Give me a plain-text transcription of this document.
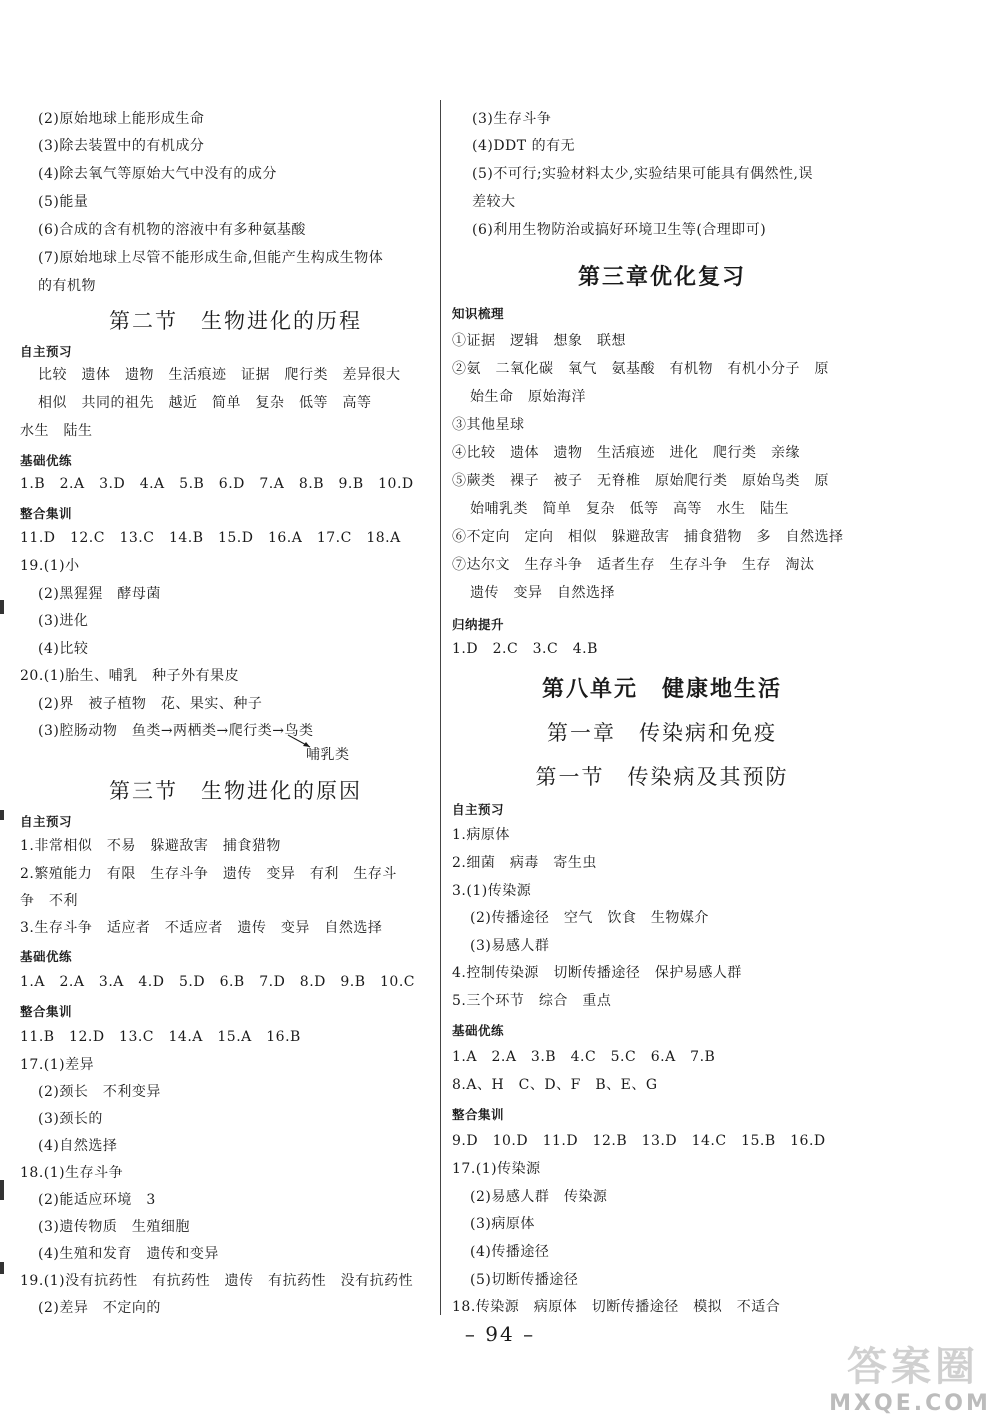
(2)原始地球上能形成生命
(3)除去装置中的有机成分
(4)除去氧气等原始大气中没有的成分
(5)能量
(6)合成的含有机物的溶液中有多种氨基酸
(7)原始地球上尽管不能形成生命,但能产生构成生物体
的有机物
第二节　生物进化的历程
自主预习
比较　遗体　遗物　生活痕迹　证据　爬行类　差异很大
相似　共同的祖先　越近　简单　复杂　低等　高等
水生　陆生
基础优练
1.B　2.A　3.D　4.A　5.B　6.D　7.A　8.B　9.B　10.D
整合集训
11.D　12.C　13.C　14.B　15.D　16.A　17.C　18.A
19.(1)小
(2)黑猩猩　酵母菌
(3)进化
(4)比较
20.(1)胎生、哺乳　种子外有果皮
(2)界　被子植物　花、果实、种子
(3)腔肠动物　鱼类→两栖类→爬行类→鸟类
哺乳类
第三节　生物进化的原因
自主预习
1.非常相似　不易　躲避敌害　捕食猎物
2.繁殖能力　有限　生存斗争　遗传　变异　有利　生存斗
争　不利
3.生存斗争　适应者　不适应者　遗传　变异　自然选择
基础优练
1.A　2.A　3.A　4.D　5.D　6.B　7.D　8.D　9.B　10.C
整合集训
11.B　12.D　13.C　14.A　15.A　16.B
17.(1)差异
(2)颈长　不利变异
(3)颈长的
(4)自然选择
18.(1)生存斗争
(2)能适应环境　3
(3)遗传物质　生殖细胞
(4)生殖和发育　遗传和变异
19.(1)没有抗药性　有抗药性　遗传　有抗药性　没有抗药性
(2)差异　不定向的
(3)生存斗争
(4)DDT 的有无
(5)不可行;实验材料太少,实验结果可能具有偶然性,误
差较大
(6)利用生物防治或搞好环境卫生等(合理即可)
第三章优化复习
知识梳理
①证据　逻辑　想象　联想
②氨　二氧化碳　氧气　氨基酸　有机物　有机小分子　原
始生命　原始海洋
③其他星球
④比较　遗体　遗物　生活痕迹　进化　爬行类　亲缘
⑤蕨类　裸子　被子　无脊椎　原始爬行类　原始鸟类　原
始哺乳类　简单　复杂　低等　高等　水生　陆生
⑥不定向　定向　相似　躲避敌害　捕食猎物　多　自然选择
⑦达尔文　生存斗争　适者生存　生存斗争　生存　淘汰
遗传　变异　自然选择
归纳提升
1.D　2.C　3.C　4.B
第八单元　健康地生活
第一章　传染病和免疫
第一节　传染病及其预防
自主预习
1.病原体
2.细菌　病毒　寄生虫
3.(1)传染源
(2)传播途径　空气　饮食　生物媒介
(3)易感人群
4.控制传染源　切断传播途径　保护易感人群
5.三个环节　综合　重点
基础优练
1.A　2.A　3.B　4.C　5.C　6.A　7.B
8.A、H　C、D、F　B、E、G
整合集训
9.D　10.D　11.D　12.B　13.D　14.C　15.B　16.D
17.(1)传染源
(2)易感人群　传染源
(3)病原体
(4)传播途径
(5)切断传播途径
18.传染源　病原体　切断传播途径　模拟　不适合
– 94 –
答案圈
MXQE.COM
